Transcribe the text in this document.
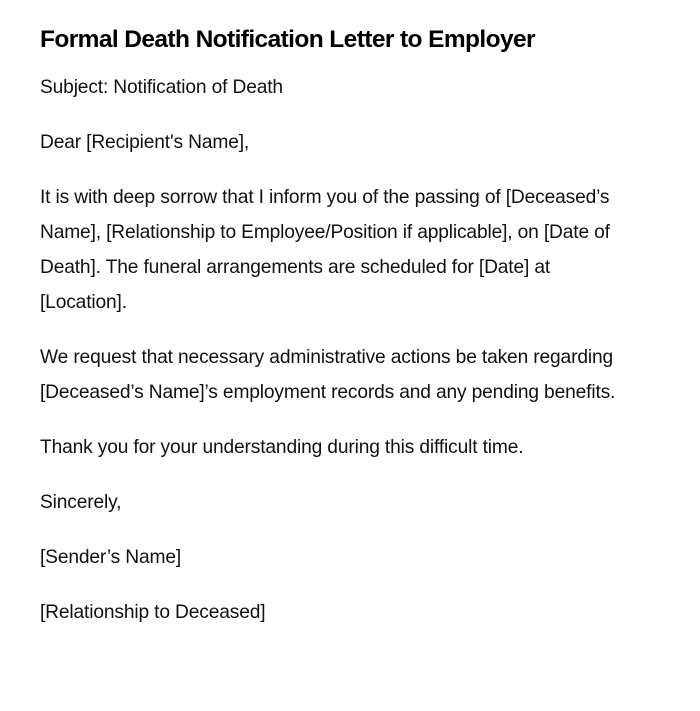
Formal Death Notification Letter to Employer

Subject: Notification of Death

Dear [Recipient's Name],

It is with deep sorrow that I inform you of the passing of [Deceased’s Name], [Relationship to Employee/Position if applicable], on [Date of Death]. The funeral arrangements are scheduled for [Date] at [Location].

We request that necessary administrative actions be taken regarding [Deceased’s Name]’s employment records and any pending benefits.

Thank you for your understanding during this difficult time.

Sincerely,

[Sender’s Name]

[Relationship to Deceased]
